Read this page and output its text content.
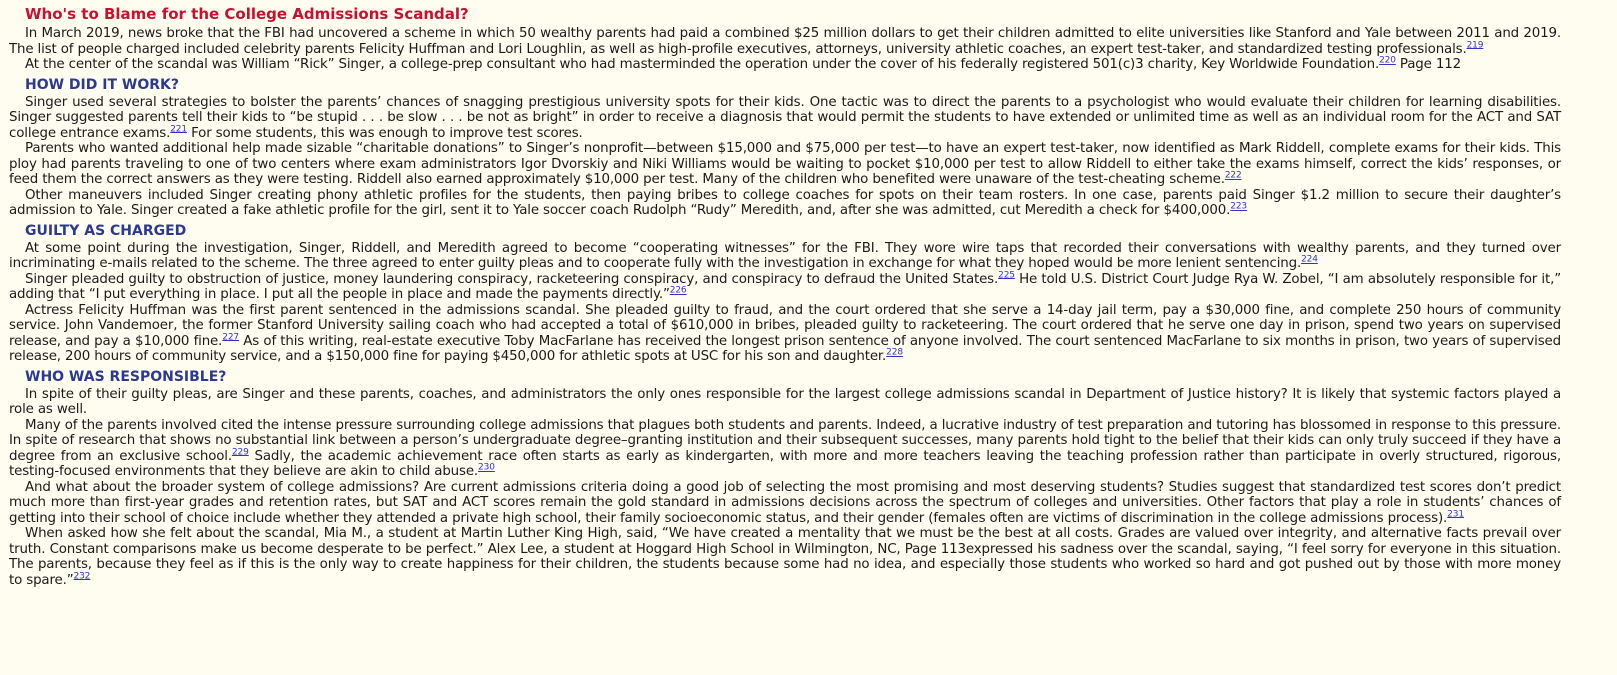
Who's to Blame for the College Admissions Scandal?

In March 2019, news broke that the FBI had uncovered a scheme in which 50 wealthy parents had paid a combined $25 million dollars to get their children admitted to elite universities like Stanford and Yale between 2011 and 2019. The list of people charged included celebrity parents Felicity Huffman and Lori Loughlin, as well as high-profile executives, attorneys, university athletic coaches, an expert test-taker, and standardized testing professionals.$^{219}$

At the center of the scandal was William “Rick” Singer, a college-prep consultant who had masterminded the operation under the cover of his federally registered 501(c)3 charity, Key Worldwide Foundation.$^{220}$ Page 112

HOW DID IT WORK?

Singer used several strategies to bolster the parents’ chances of snagging prestigious university spots for their kids. One tactic was to direct the parents to a psychologist who would evaluate their children for learning disabilities. Singer suggested parents tell their kids to “be stupid . . . be slow . . . be not as bright” in order to receive a diagnosis that would permit the students to have extended or unlimited time as well as an individual room for the ACT and SAT college entrance exams.$^{221}$ For some students, this was enough to improve test scores.

Parents who wanted additional help made sizable “charitable donations” to Singer’s nonprofit—between $15,000 and $75,000 per test—to have an expert test-taker, now identified as Mark Riddell, complete exams for their kids. This ploy had parents traveling to one of two centers where exam administrators Igor Dvorskiy and Niki Williams would be waiting to pocket $10,000 per test to allow Riddell to either take the exams himself, correct the kids’ responses, or feed them the correct answers as they were testing. Riddell also earned approximately $10,000 per test. Many of the children who benefited were unaware of the test-cheating scheme.$^{222}$

Other maneuvers included Singer creating phony athletic profiles for the students, then paying bribes to college coaches for spots on their team rosters. In one case, parents paid Singer $1.2 million to secure their daughter’s admission to Yale. Singer created a fake athletic profile for the girl, sent it to Yale soccer coach Rudolph “Rudy” Meredith, and, after she was admitted, cut Meredith a check for $400,000.$^{223}$

GUILTY AS CHARGED

At some point during the investigation, Singer, Riddell, and Meredith agreed to become “cooperating witnesses” for the FBI. They wore wire taps that recorded their conversations with wealthy parents, and they turned over incriminating e-mails related to the scheme. The three agreed to enter guilty pleas and to cooperate fully with the investigation in exchange for what they hoped would be more lenient sentencing.$^{224}$

Singer pleaded guilty to obstruction of justice, money laundering conspiracy, racketeering conspiracy, and conspiracy to defraud the United States.$^{225}$ He told U.S. District Court Judge Rya W. Zobel, “I am absolutely responsible for it,” adding that “I put everything in place. I put all the people in place and made the payments directly.”$^{226}$

Actress Felicity Huffman was the first parent sentenced in the admissions scandal. She pleaded guilty to fraud, and the court ordered that she serve a 14-day jail term, pay a $30,000 fine, and complete 250 hours of community service. John Vandemoer, the former Stanford University sailing coach who had accepted a total of $610,000 in bribes, pleaded guilty to racketeering. The court ordered that he serve one day in prison, spend two years on supervised release, and pay a $10,000 fine.$^{227}$ As of this writing, real-estate executive Toby MacFarlane has received the longest prison sentence of anyone involved. The court sentenced MacFarlane to six months in prison, two years of supervised release, 200 hours of community service, and a $150,000 fine for paying $450,000 for athletic spots at USC for his son and daughter.$^{228}$

WHO WAS RESPONSIBLE?

In spite of their guilty pleas, are Singer and these parents, coaches, and administrators the only ones responsible for the largest college admissions scandal in Department of Justice history? It is likely that systemic factors played a role as well.

Many of the parents involved cited the intense pressure surrounding college admissions that plagues both students and parents. Indeed, a lucrative industry of test preparation and tutoring has blossomed in response to this pressure. In spite of research that shows no substantial link between a person’s undergraduate degree–granting institution and their subsequent successes, many parents hold tight to the belief that their kids can only truly succeed if they have a degree from an exclusive school.$^{229}$ Sadly, the academic achievement race often starts as early as kindergarten, with more and more teachers leaving the teaching profession rather than participate in overly structured, rigorous, testing-focused environments that they believe are akin to child abuse.$^{230}$

And what about the broader system of college admissions? Are current admissions criteria doing a good job of selecting the most promising and most deserving students? Studies suggest that standardized test scores don’t predict much more than first-year grades and retention rates, but SAT and ACT scores remain the gold standard in admissions decisions across the spectrum of colleges and universities. Other factors that play a role in students’ chances of getting into their school of choice include whether they attended a private high school, their family socioeconomic status, and their gender (females often are victims of discrimination in the college admissions process).$^{231}$

When asked how she felt about the scandal, Mia M., a student at Martin Luther King High, said, “We have created a mentality that we must be the best at all costs. Grades are valued over integrity, and alternative facts prevail over truth. Constant comparisons make us become desperate to be perfect.” Alex Lee, a student at Hoggard High School in Wilmington, NC, Page 113expressed his sadness over the scandal, saying, “I feel sorry for everyone in this situation. The parents, because they feel as if this is the only way to create happiness for their children, the students because some had no idea, and especially those students who worked so hard and got pushed out by those with more money to spare.”$^{232}$
